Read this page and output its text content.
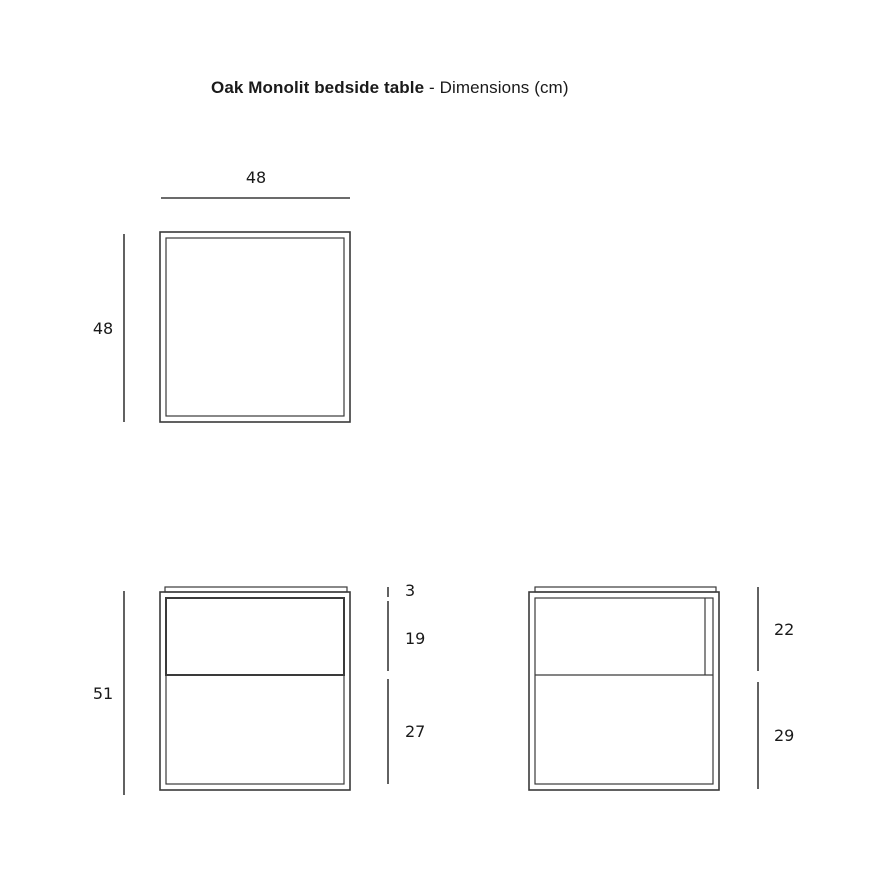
Oak Monolit bedside table - Dimensions (cm)
48
48
51
3
19
27
22
29
